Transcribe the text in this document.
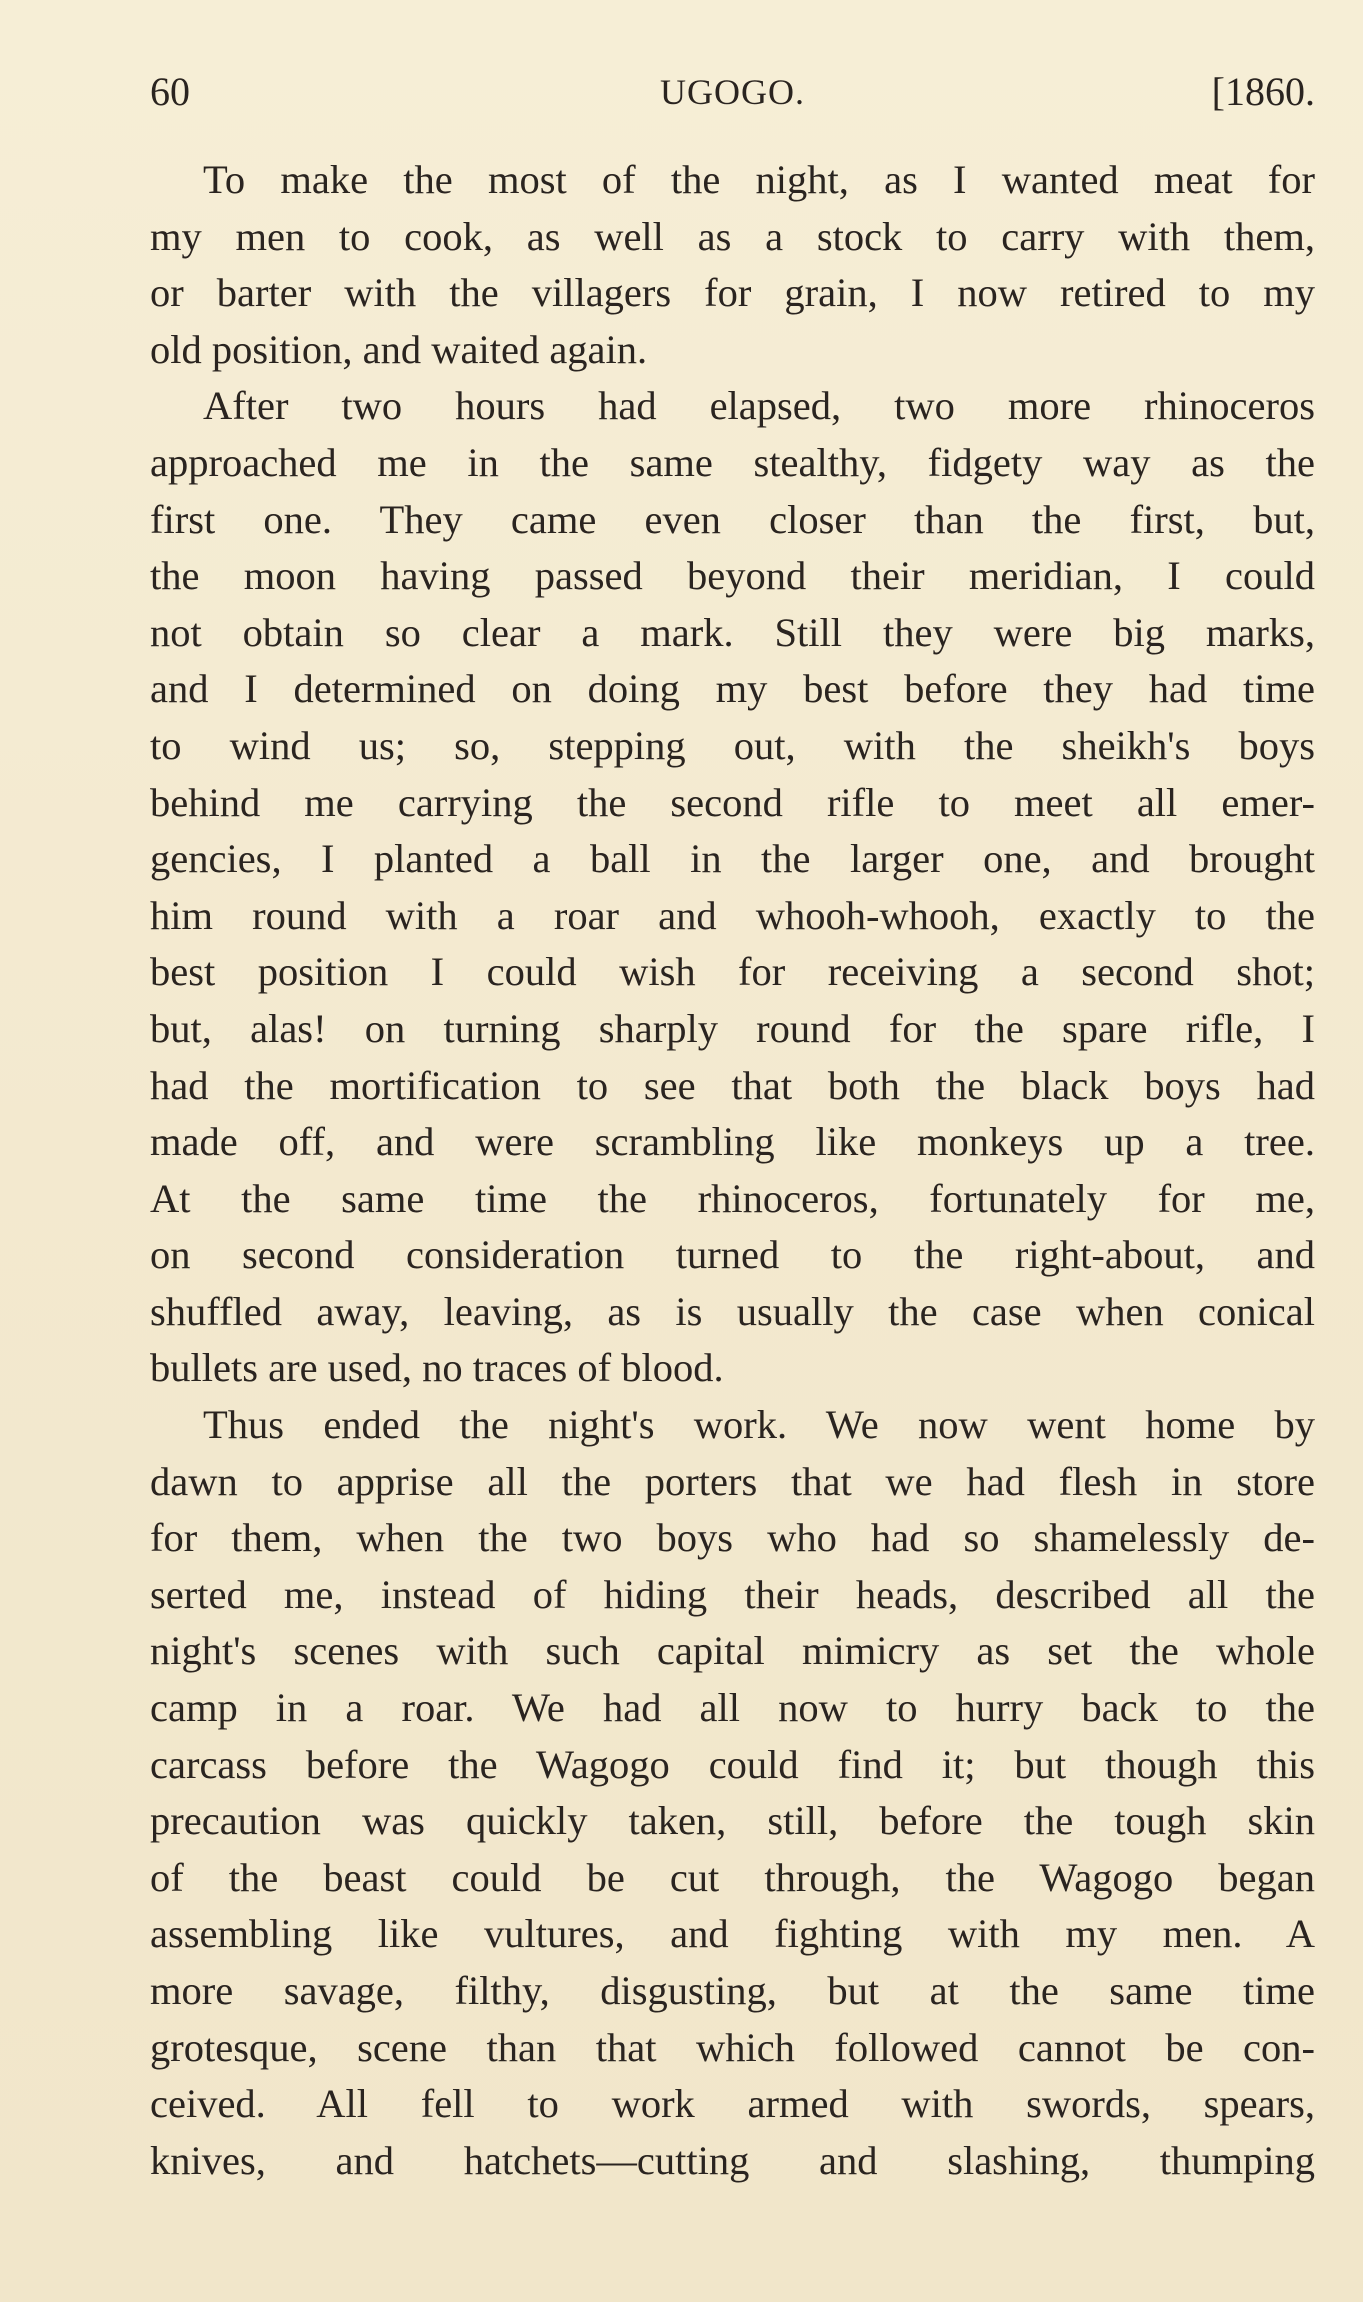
60	UGOGO.	[1860.
To make the most of the night, as I wanted meat for
my men to cook, as well as a stock to carry with them,
or barter with the villagers for grain, I now retired to my
old position, and waited again.
After two hours had elapsed, two more rhinoceros
approached me in the same stealthy, fidgety way as the
first one. They came even closer than the first, but,
the moon having passed beyond their meridian, I could
not obtain so clear a mark. Still they were big marks,
and I determined on doing my best before they had time
to wind us; so, stepping out, with the sheikh's boys
behind me carrying the second rifle to meet all emer-
gencies, I planted a ball in the larger one, and brought
him round with a roar and whooh-whooh, exactly to the
best position I could wish for receiving a second shot;
but, alas! on turning sharply round for the spare rifle, I
had the mortification to see that both the black boys had
made off, and were scrambling like monkeys up a tree.
At the same time the rhinoceros, fortunately for me,
on second consideration turned to the right-about, and
shuffled away, leaving, as is usually the case when conical
bullets are used, no traces of blood.
Thus ended the night's work. We now went home by
dawn to apprise all the porters that we had flesh in store
for them, when the two boys who had so shamelessly de-
serted me, instead of hiding their heads, described all the
night's scenes with such capital mimicry as set the whole
camp in a roar. We had all now to hurry back to the
carcass before the Wagogo could find it; but though this
precaution was quickly taken, still, before the tough skin
of the beast could be cut through, the Wagogo began
assembling like vultures, and fighting with my men. A
more savage, filthy, disgusting, but at the same time
grotesque, scene than that which followed cannot be con-
ceived. All fell to work armed with swords, spears,
knives, and hatchets—cutting and slashing, thumping
